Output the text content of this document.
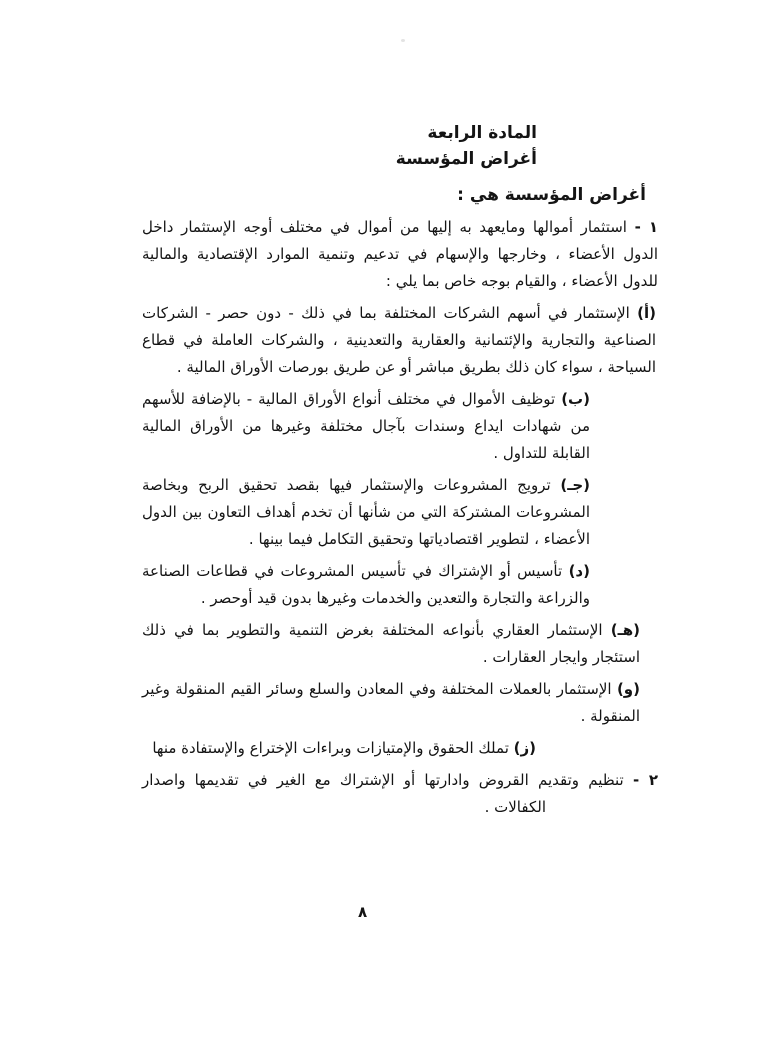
المادة الرابعة
أغراض المؤسسة
أغراض المؤسسة هي :
١ - استثمار أموالها ومايعهد به إليها من أموال في مختلف أوجه الإستثمار داخل الدول الأعضاء ، وخارجها والإسهام في تدعيم وتنمية الموارد الإقتصادية والمالية للدول الأعضاء ، والقيام بوجه خاص بما يلي :
(أ) الإستثمار في أسهم الشركات المختلفة بما في ذلك - دون حصر - الشركات الصناعية والتجارية والإئتمانية والعقارية والتعدينية ، والشركات العاملة في قطاع السياحة ، سواء كان ذلك بطريق مباشر أو عن طريق بورصات الأوراق المالية .
(ب) توظيف الأموال في مختلف أنواع الأوراق المالية - بالإضافة للأسهم من شهادات ايداع وسندات بآجال مختلفة وغيرها من الأوراق المالية القابلة للتداول .
(جـ) ترويج المشروعات والإستثمار فيها بقصد تحقيق الربح وبخاصة المشروعات المشتركة التي من شأنها أن تخدم أهداف التعاون بين الدول الأعضاء ، لتطوير اقتصادياتها وتحقيق التكامل فيما بينها .
(د) تأسيس أو الإشتراك في تأسيس المشروعات في قطاعات الصناعة والزراعة والتجارة والتعدين والخدمات وغيرها بدون قيد أوحصر .
(هـ) الإستثمار العقاري بأنواعه المختلفة بغرض التنمية والتطوير بما في ذلك استئجار وايجار العقارات .
(و) الإستثمار بالعملات المختلفة وفي المعادن والسلع وسائر القيم المنقولة وغير المنقولة .
(ز) تملك الحقوق والإمتيازات وبراءات الإختراع والإستفادة منها
٢ - تنظيم وتقديم القروض وادارتها أو الإشتراك مع الغير في تقديمها واصدار الكفالات .
٨
